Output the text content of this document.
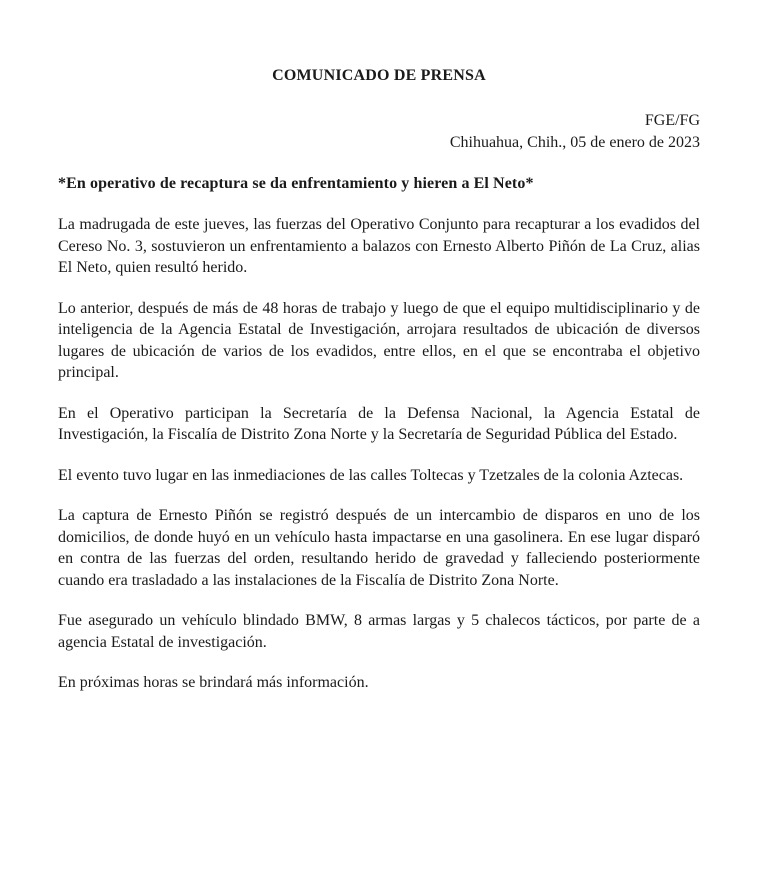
COMUNICADO DE PRENSA
FGE/FG
Chihuahua, Chih., 05 de enero de 2023
*En operativo de recaptura se da enfrentamiento y hieren a El Neto*

La madrugada de este jueves, las fuerzas del Operativo Conjunto para recapturar a los evadidos del Cereso No. 3, sostuvieron un enfrentamiento a balazos con Ernesto Alberto Piñón de La Cruz, alias El Neto, quien resultó herido.

Lo anterior, después de más de 48 horas de trabajo y luego de que el equipo multidisciplinario y de inteligencia de la Agencia Estatal de Investigación, arrojara resultados de ubicación de diversos lugares de ubicación de varios de los evadidos, entre ellos, en el que se encontraba el objetivo principal.

En el Operativo participan la Secretaría de la Defensa Nacional, la Agencia Estatal de Investigación, la Fiscalía de Distrito Zona Norte y la Secretaría de Seguridad Pública del Estado.

El evento tuvo lugar en las inmediaciones de las calles Toltecas y Tzetzales de la colonia Aztecas.

La captura de Ernesto Piñón se registró después de un intercambio de disparos en uno de los domicilios, de donde huyó en un vehículo hasta impactarse en una gasolinera. En ese lugar disparó en contra de las fuerzas del orden, resultando herido de gravedad y falleciendo posteriormente cuando era trasladado a las instalaciones de la Fiscalía de Distrito Zona Norte.

Fue asegurado un vehículo blindado BMW, 8 armas largas y 5 chalecos tácticos, por parte de a agencia Estatal de investigación.

En próximas horas se brindará más información.
